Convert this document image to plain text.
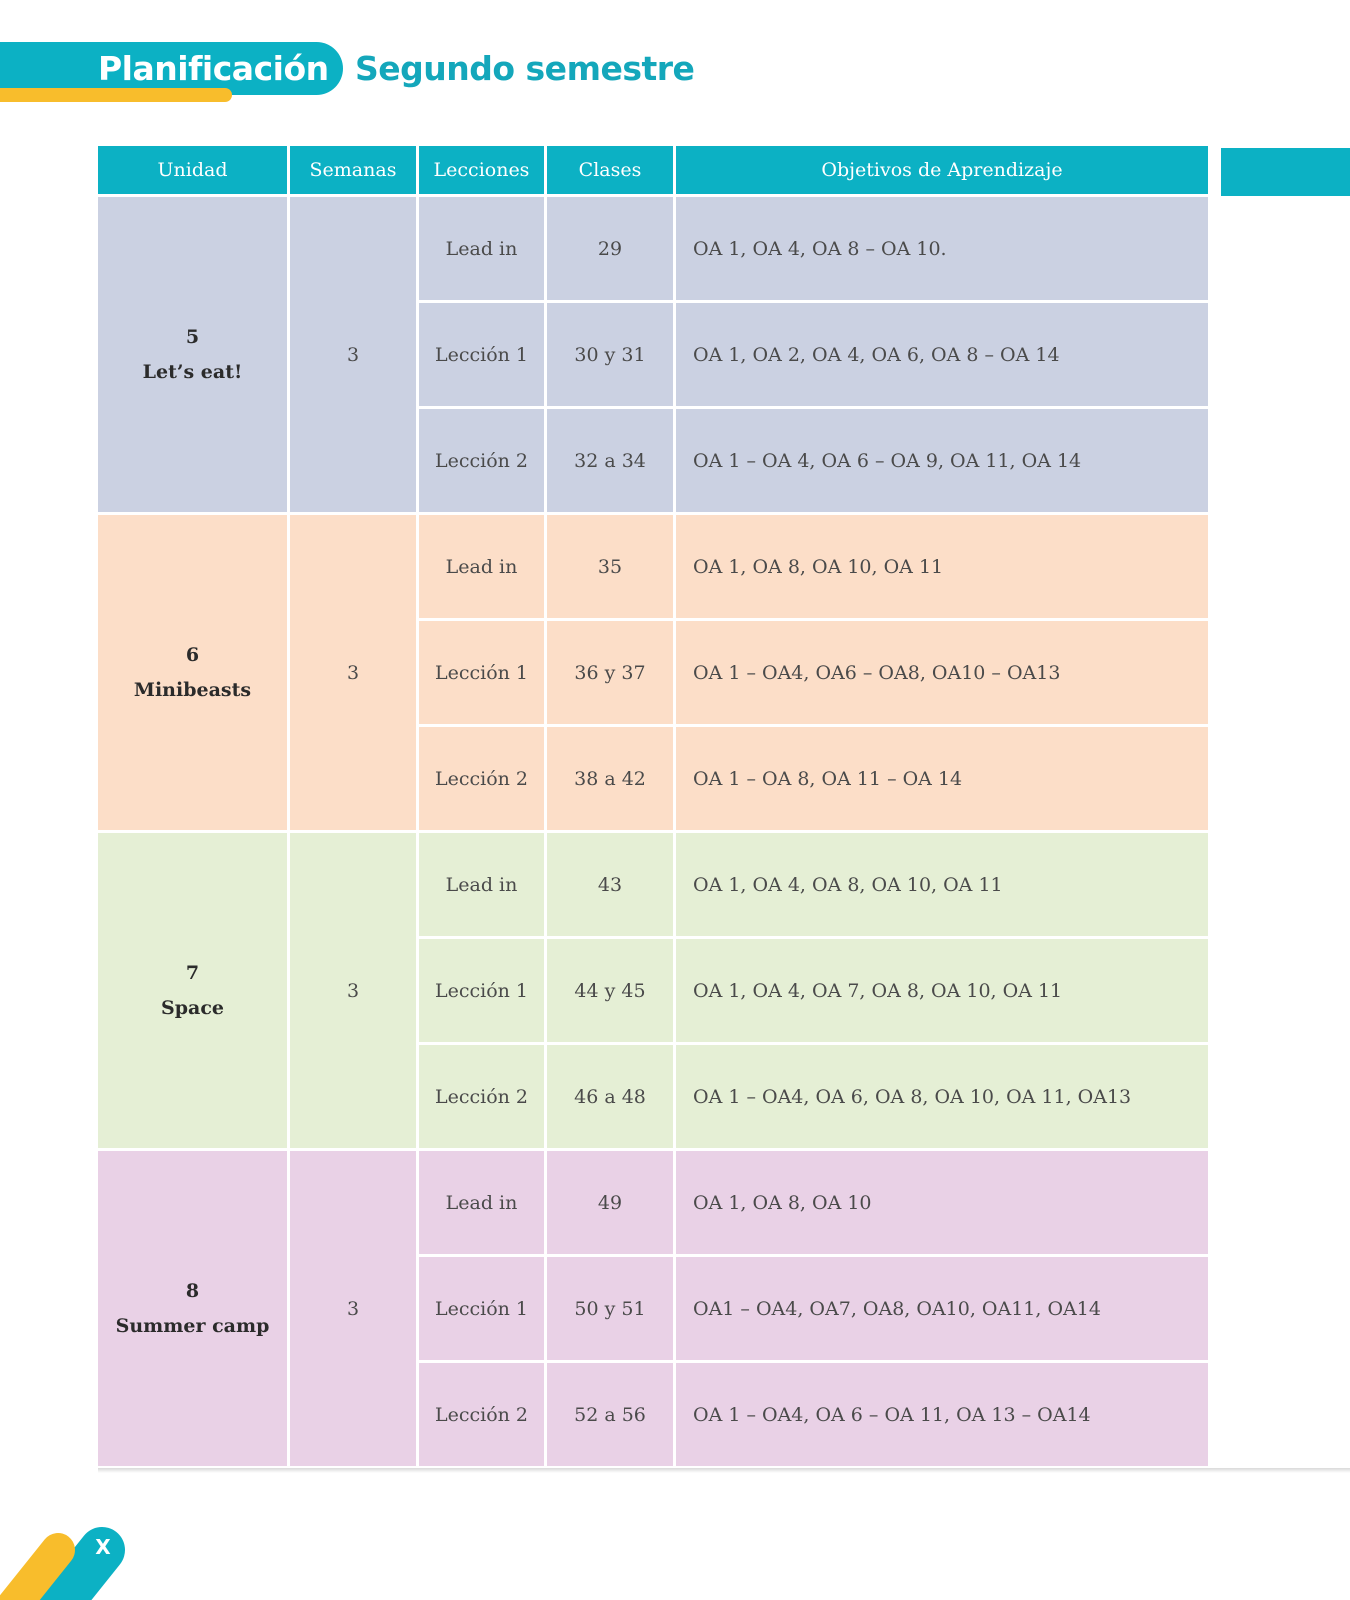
Planificación Segundo semestre
Unidad	Semanas	Lecciones	Clases	Objetivos de Aprendizaje

5
Let’s eat!	3	Lead in	29	OA 1, OA 4, OA 8 – OA 10.
		Lección 1	30 y 31	OA 1, OA 2, OA 4, OA 6, OA 8 – OA 14
		Lección 2	32 a 34	OA 1 – OA 4, OA 6 – OA 9, OA 11, OA 14

6
Minibeasts	3	Lead in	35	OA 1, OA 8, OA 10, OA 11
		Lección 1	36 y 37	OA 1 – OA4, OA6 – OA8, OA10 – OA13
		Lección 2	38 a 42	OA 1 – OA 8, OA 11 – OA 14

7
Space	3	Lead in	43	OA 1, OA 4, OA 8, OA 10, OA 11
		Lección 1	44 y 45	OA 1, OA 4, OA 7, OA 8, OA 10, OA 11
		Lección 2	46 a 48	OA 1 – OA4, OA 6, OA 8, OA 10, OA 11, OA13

8
Summer camp	3	Lead in	49	OA 1, OA 8, OA 10
		Lección 1	50 y 51	OA1 – OA4, OA7, OA8, OA10, OA11, OA14
		Lección 2	52 a 56	OA 1 – OA4, OA 6 – OA 11, OA 13 – OA14
X
